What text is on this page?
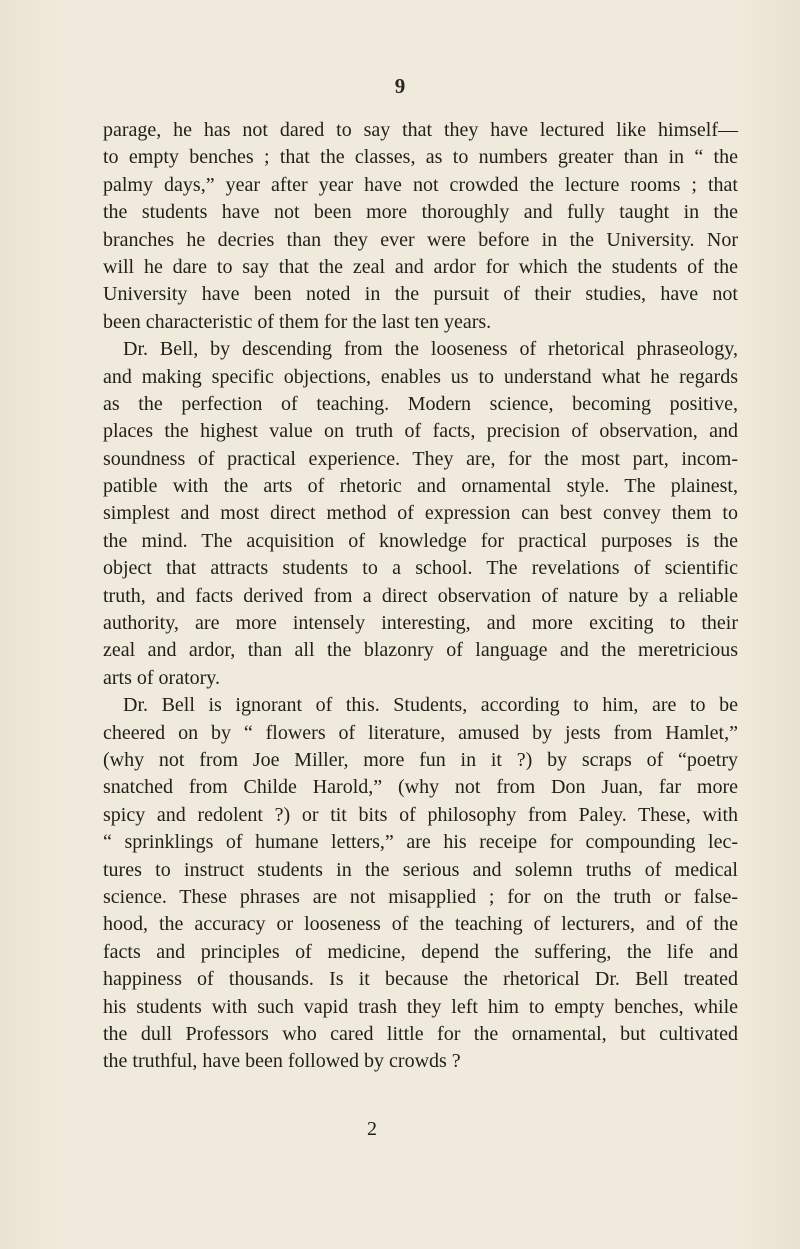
9
parage, he has not dared to say that they have lectured like himself—
to empty benches ; that the classes, as to numbers greater than in “ the
palmy days,” year after year have not crowded the lecture rooms ; that
the students have not been more thoroughly and fully taught in the
branches he decries than they ever were before in the University. Nor
will he dare to say that the zeal and ardor for which the students of the
University have been noted in the pursuit of their studies, have not
been characteristic of them for the last ten years.
Dr. Bell, by descending from the looseness of rhetorical phraseology,
and making specific objections, enables us to understand what he regards
as the perfection of teaching. Modern science, becoming positive,
places the highest value on truth of facts, precision of observation, and
soundness of practical experience. They are, for the most part, incom-
patible with the arts of rhetoric and ornamental style. The plainest,
simplest and most direct method of expression can best convey them to
the mind. The acquisition of knowledge for practical purposes is the
object that attracts students to a school. The revelations of scientific
truth, and facts derived from a direct observation of nature by a reliable
authority, are more intensely interesting, and more exciting to their
zeal and ardor, than all the blazonry of language and the meretricious
arts of oratory.
Dr. Bell is ignorant of this. Students, according to him, are to be
cheered on by “ flowers of literature, amused by jests from Hamlet,”
(why not from Joe Miller, more fun in it ?) by scraps of “poetry
snatched from Childe Harold,” (why not from Don Juan, far more
spicy and redolent ?) or tit bits of philosophy from Paley. These, with
“ sprinklings of humane letters,” are his receipe for compounding lec-
tures to instruct students in the serious and solemn truths of medical
science. These phrases are not misapplied ; for on the truth or false-
hood, the accuracy or looseness of the teaching of lecturers, and of the
facts and principles of medicine, depend the suffering, the life and
happiness of thousands. Is it because the rhetorical Dr. Bell treated
his students with such vapid trash they left him to empty benches, while
the dull Professors who cared little for the ornamental, but cultivated
the truthful, have been followed by crowds ?
2
